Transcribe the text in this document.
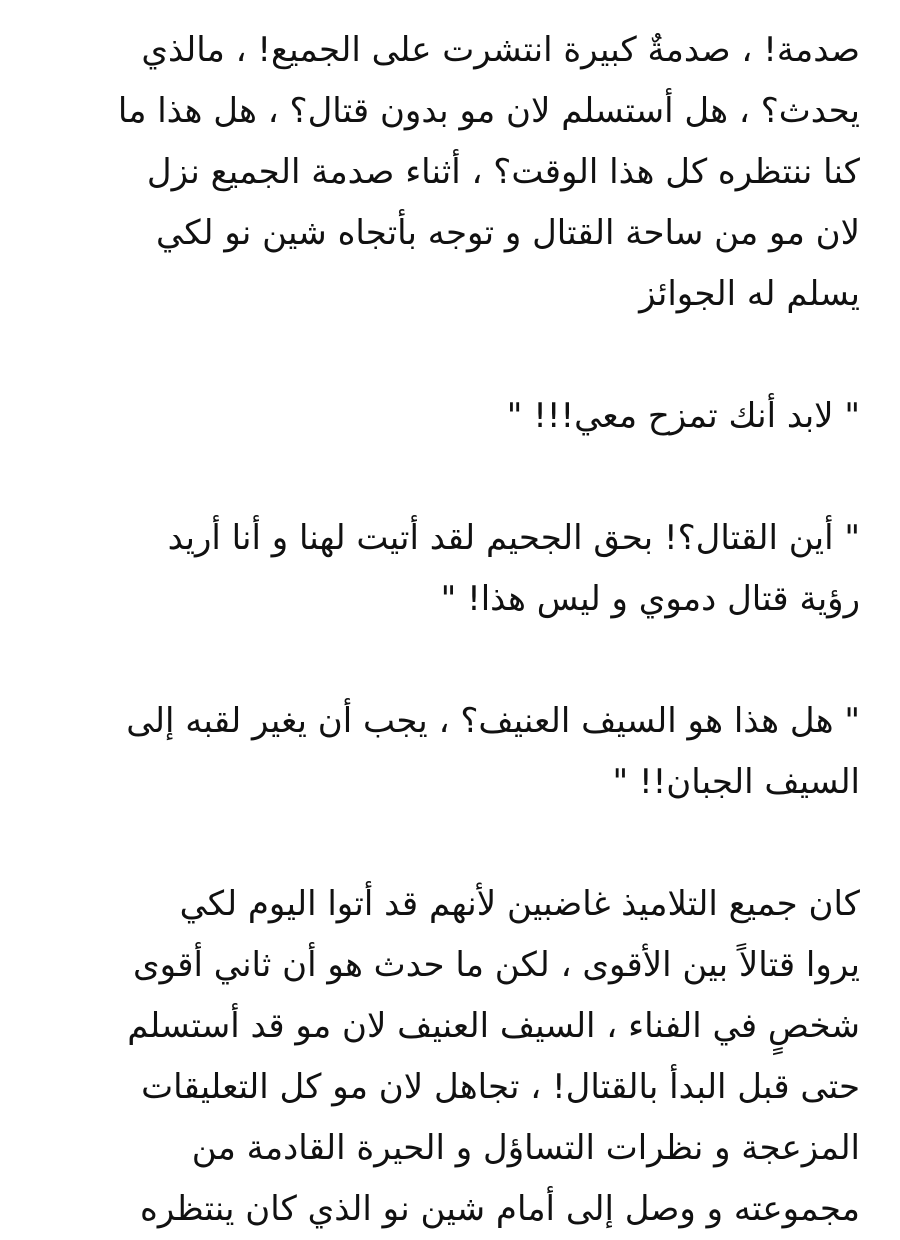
صدمة! ، صدمةٌ كبيرة انتشرت على الجميع! ، مالذي
يحدث؟ ، هل أستسلم لان مو بدون قتال؟ ، هل هذا ما
كنا ننتظره كل هذا الوقت؟ ، أثناء صدمة الجميع نزل
لان مو من ساحة القتال و توجه بأتجاه شين نو لكي
يسلم له الجوائز
" لابد أنك تمزح معي!!! "
" أين القتال؟! بحق الجحيم لقد أتيت لهنا و أنا أريد
رؤية قتال دموي و ليس هذا! "
" هل هذا هو السيف العنيف؟ ، يجب أن يغير لقبه إلى
السيف الجبان!! "
كان جميع التلاميذ غاضبين لأنهم قد أتوا اليوم لكي
يروا قتالاً بين الأقوى ، لكن ما حدث هو أن ثاني أقوى
شخصٍ في الفناء ، السيف العنيف لان مو قد أستسلم
حتى قبل البدأ بالقتال! ، تجاهل لان مو كل التعليقات
المزعجة و نظرات التساؤل و الحيرة القادمة من
مجموعته و وصل إلى أمام شين نو الذي كان ينتظره
